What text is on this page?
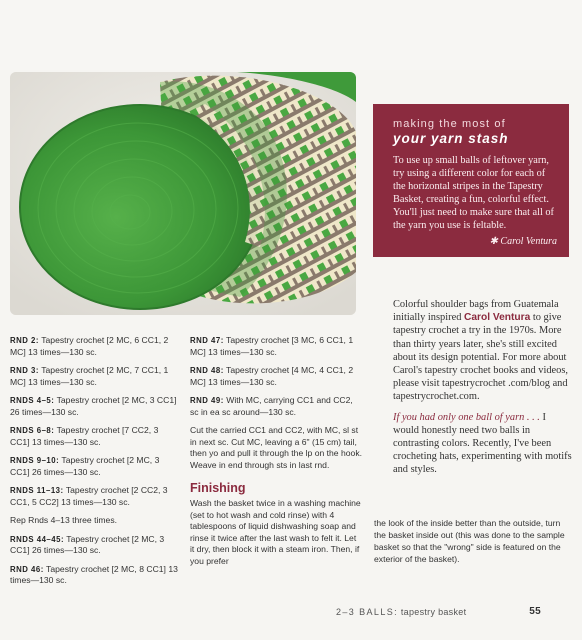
making the most of
your yarn stash
To use up small balls of leftover yarn, try using a different color for each of the horizontal stripes in the Tapestry Basket, creating a fun, colorful effect. You'll just need to make sure that all of the yarn you use is feltable.
✱ Carol Ventura

Colorful shoulder bags from Guatemala initially inspired Carol Ventura to give tapestry crochet a try in the 1970s. More than thirty years later, she's still excited about its design potential. For more about Carol's tapestry crochet books and videos, please visit tapestrycrochet .com/blog and tapestrycrochet.com.

If you had only one ball of yarn . . . I would honestly need two balls in contrasting colors. Recently, I've been crocheting hats, experimenting with motifs and styles.

RND 2: Tapestry crochet [2 MC, 6 CC1, 2 MC] 13 times—130 sc.
RND 3: Tapestry crochet [2 MC, 7 CC1, 1 MC] 13 times—130 sc.
RNDS 4–5: Tapestry crochet [2 MC, 3 CC1] 26 times—130 sc.
RNDS 6–8: Tapestry crochet [7 CC2, 3 CC1] 13 times—130 sc.
RNDS 9–10: Tapestry crochet [2 MC, 3 CC1] 26 times—130 sc.
RNDS 11–13: Tapestry crochet [2 CC2, 3 CC1, 5 CC2] 13 times—130 sc.
Rep Rnds 4–13 three times.
RNDS 44–45: Tapestry crochet [2 MC, 3 CC1] 26 times—130 sc.
RND 46: Tapestry crochet [2 MC, 8 CC1] 13 times—130 sc.
RND 47: Tapestry crochet [3 MC, 6 CC1, 1 MC] 13 times—130 sc.
RND 48: Tapestry crochet [4 MC, 4 CC1, 2 MC] 13 times—130 sc.
RND 49: With MC, carrying CC1 and CC2, sc in ea sc around—130 sc.
Cut the carried CC1 and CC2, with MC, sl st in next sc. Cut MC, leaving a 6" (15 cm) tail, then yo and pull it through the lp on the hook. Weave in end through sts in last rnd.
Finishing
Wash the basket twice in a washing machine (set to hot wash and cold rinse) with 4 tablespoons of liquid dishwashing soap and rinse it twice after the last wash to felt it. Let it dry, then block it with a steam iron. Then, if you prefer
the look of the inside better than the outside, turn the basket inside out (this was done to the sample basket so that the "wrong" side is featured on the exterior of the basket).
2–3 BALLS: tapestry basket	55
